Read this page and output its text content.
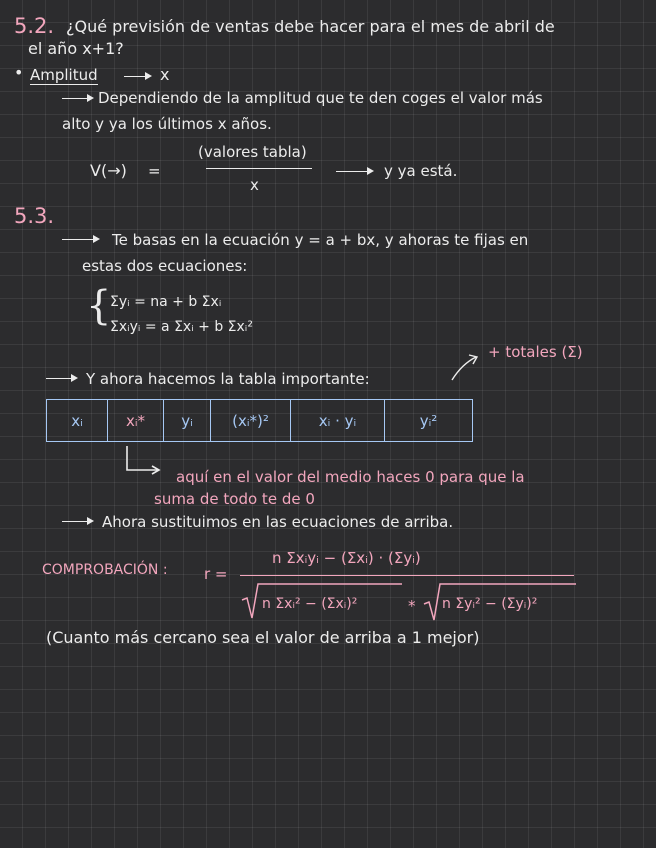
5.2. ¿Qué previsión de ventas debe hacer para el mes de abril de
el año x+1?
• Amplitud	x
Dependiendo de la amplitud que te den coges el valor más
alto y ya los últimos x años.
V(→) =
(valores tabla)
x
y ya está.
5.3.
Te basas en la ecuación y = a + bx, y ahoras te fijas en
estas dos ecuaciones:
{
Σyᵢ = na + b Σxᵢ
Σxᵢyᵢ = a Σxᵢ + b Σxᵢ²
Y ahora hacemos la tabla importante:
+ totales (Σ)
xᵢ	xᵢ*	yᵢ	(xᵢ*)²	xᵢ · yᵢ	yᵢ²
aquí en el valor del medio haces 0 para que la
suma de todo te de 0
Ahora sustituimos en las ecuaciones de arriba.
COMPROBACIÓN : r =
n Σxᵢyᵢ − (Σxᵢ) · (Σyᵢ)
n Σxᵢ² − (Σxᵢ)²	* n Σyᵢ² − (Σyᵢ)²
(Cuanto más cercano sea el valor de arriba a 1 mejor)
